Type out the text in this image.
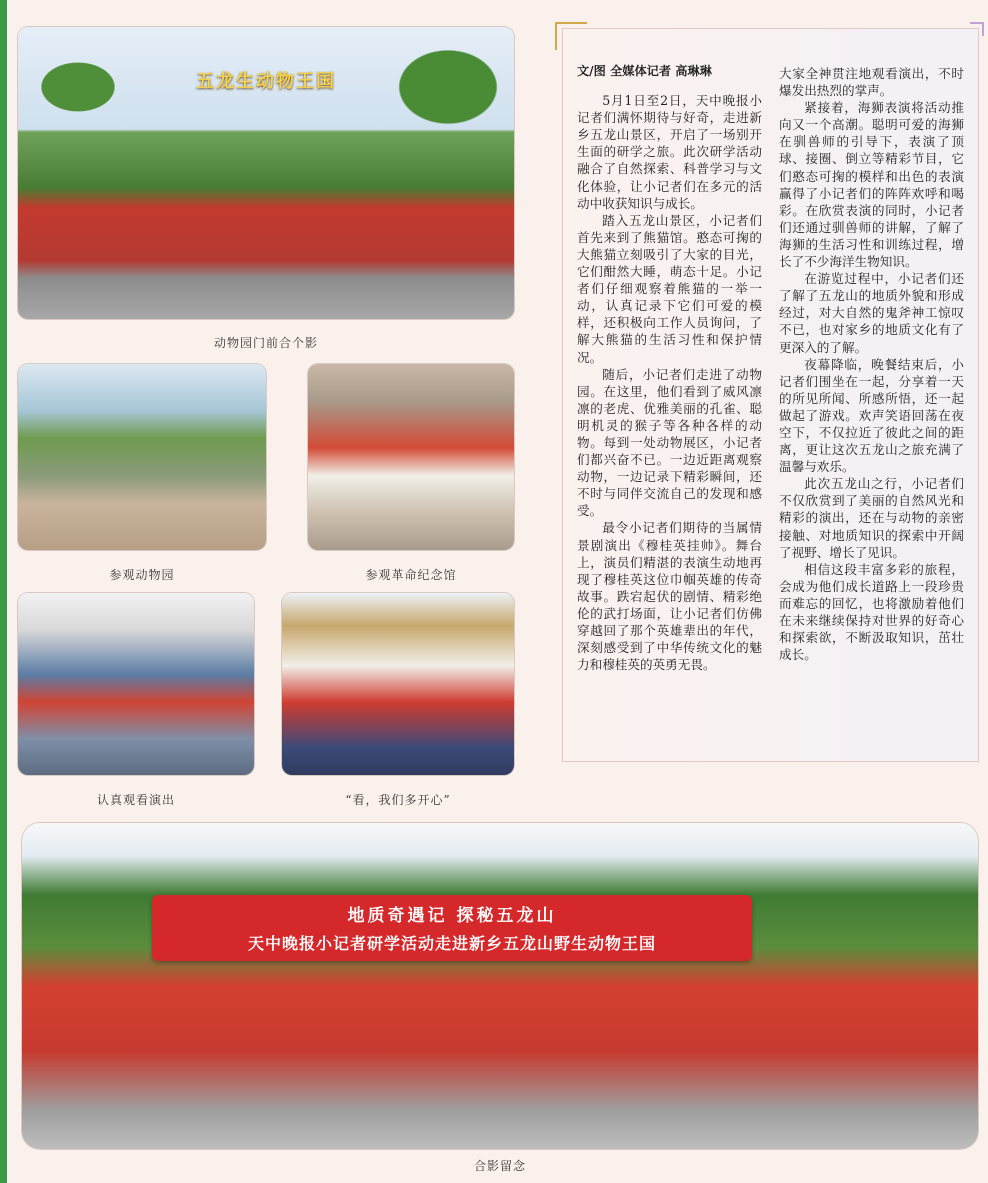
五龙生动物王国
动物园门前合个影
参观动物园	参观革命纪念馆
认真观看演出	“看，我们多开心”

文/图 全媒体记者 高琳琳

5月1日至2日，天中晚报小记者们满怀期待与好奇，走进新乡五龙山景区，开启了一场别开生面的研学之旅。此次研学活动融合了自然探索、科普学习与文化体验，让小记者们在多元的活动中收获知识与成长。

踏入五龙山景区，小记者们首先来到了熊猫馆。憨态可掬的大熊猫立刻吸引了大家的目光，它们酣然大睡，萌态十足。小记者们仔细观察着熊猫的一举一动，认真记录下它们可爱的模样，还积极向工作人员询问，了解大熊猫的生活习性和保护情况。

随后，小记者们走进了动物园。在这里，他们看到了威风凛凛的老虎、优雅美丽的孔雀、聪明机灵的猴子等各种各样的动物。每到一处动物展区，小记者们都兴奋不已。一边近距离观察动物，一边记录下精彩瞬间，还不时与同伴交流自己的发现和感受。

最令小记者们期待的当属情景剧演出《穆桂英挂帅》。舞台上，演员们精湛的表演生动地再现了穆桂英这位巾帼英雄的传奇故事。跌宕起伏的剧情、精彩绝伦的武打场面，让小记者们仿佛穿越回了那个英雄辈出的年代，深刻感受到了中华传统文化的魅力和穆桂英的英勇无畏。

大家全神贯注地观看演出，不时爆发出热烈的掌声。

紧接着，海狮表演将活动推向又一个高潮。聪明可爱的海狮在驯兽师的引导下，表演了顶球、接圈、倒立等精彩节目，它们憨态可掬的模样和出色的表演赢得了小记者们的阵阵欢呼和喝彩。在欣赏表演的同时，小记者们还通过驯兽师的讲解，了解了海狮的生活习性和训练过程，增长了不少海洋生物知识。

在游览过程中，小记者们还了解了五龙山的地质外貌和形成经过，对大自然的鬼斧神工惊叹不已，也对家乡的地质文化有了更深入的了解。

夜幕降临，晚餐结束后，小记者们围坐在一起，分享着一天的所见所闻、所感所悟，还一起做起了游戏。欢声笑语回荡在夜空下，不仅拉近了彼此之间的距离，更让这次五龙山之旅充满了温馨与欢乐。

此次五龙山之行，小记者们不仅欣赏到了美丽的自然风光和精彩的演出，还在与动物的亲密接触、对地质知识的探索中开阔了视野、增长了见识。

相信这段丰富多彩的旅程，会成为他们成长道路上一段珍贵而难忘的回忆，也将激励着他们在未来继续保持对世界的好奇心和探索欲，不断汲取知识，茁壮成长。

地质奇遇记 探秘五龙山
天中晚报小记者研学活动走进新乡五龙山野生动物王国
合影留念
